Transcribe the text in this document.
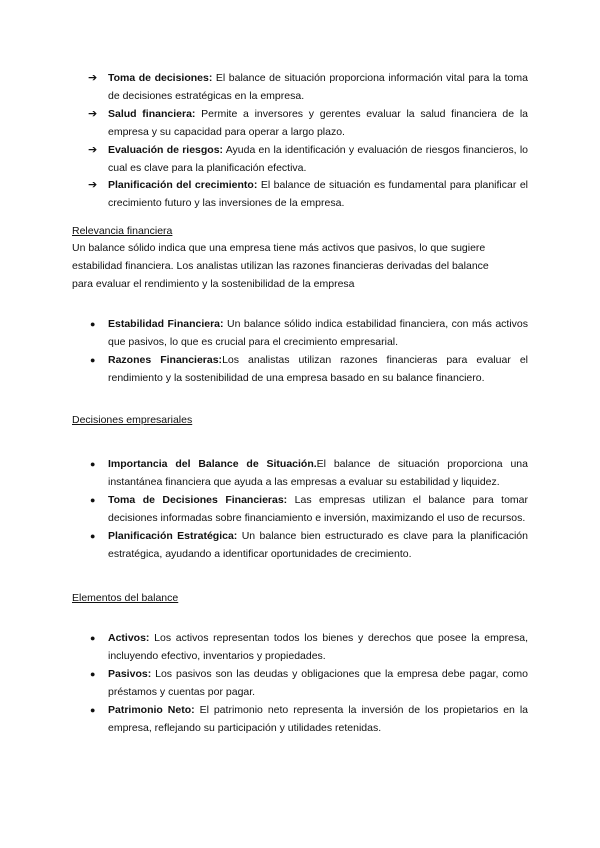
➔	Toma de decisiones: El balance de situación proporciona información vital para la toma de decisiones estratégicas en la empresa.

➔	Salud financiera: Permite a inversores y gerentes evaluar la salud financiera de la empresa y su capacidad para operar a largo plazo.

➔	Evaluación de riesgos: Ayuda en la identificación y evaluación de riesgos financieros, lo cual es clave para la planificación efectiva.

➔	Planificación del crecimiento: El balance de situación es fundamental para planificar el crecimiento futuro y las inversiones de la empresa.

Relevancia financiera

Un balance sólido indica que una empresa tiene más activos que pasivos, lo que sugiere estabilidad financiera. Los analistas utilizan las razones financieras derivadas del balance para evaluar el rendimiento y la sostenibilidad de la empresa

●	Estabilidad Financiera: Un balance sólido indica estabilidad financiera, con más activos que pasivos, lo que es crucial para el crecimiento empresarial.

●	Razones Financieras:Los analistas utilizan razones financieras para evaluar el rendimiento y la sostenibilidad de una empresa basado en su balance financiero.

Decisiones empresariales

●	Importancia del Balance de Situación.El balance de situación proporciona una instantánea financiera que ayuda a las empresas a evaluar su estabilidad y liquidez.

●	Toma de Decisiones Financieras: Las empresas utilizan el balance para tomar decisiones informadas sobre financiamiento e inversión, maximizando el uso de recursos.

●	Planificación Estratégica: Un balance bien estructurado es clave para la planificación estratégica, ayudando a identificar oportunidades de crecimiento.

Elementos del balance

●	Activos: Los activos representan todos los bienes y derechos que posee la empresa, incluyendo efectivo, inventarios y propiedades.

●	Pasivos: Los pasivos son las deudas y obligaciones que la empresa debe pagar, como préstamos y cuentas por pagar.

●	Patrimonio Neto: El patrimonio neto representa la inversión de los propietarios en la empresa, reflejando su participación y utilidades retenidas.
